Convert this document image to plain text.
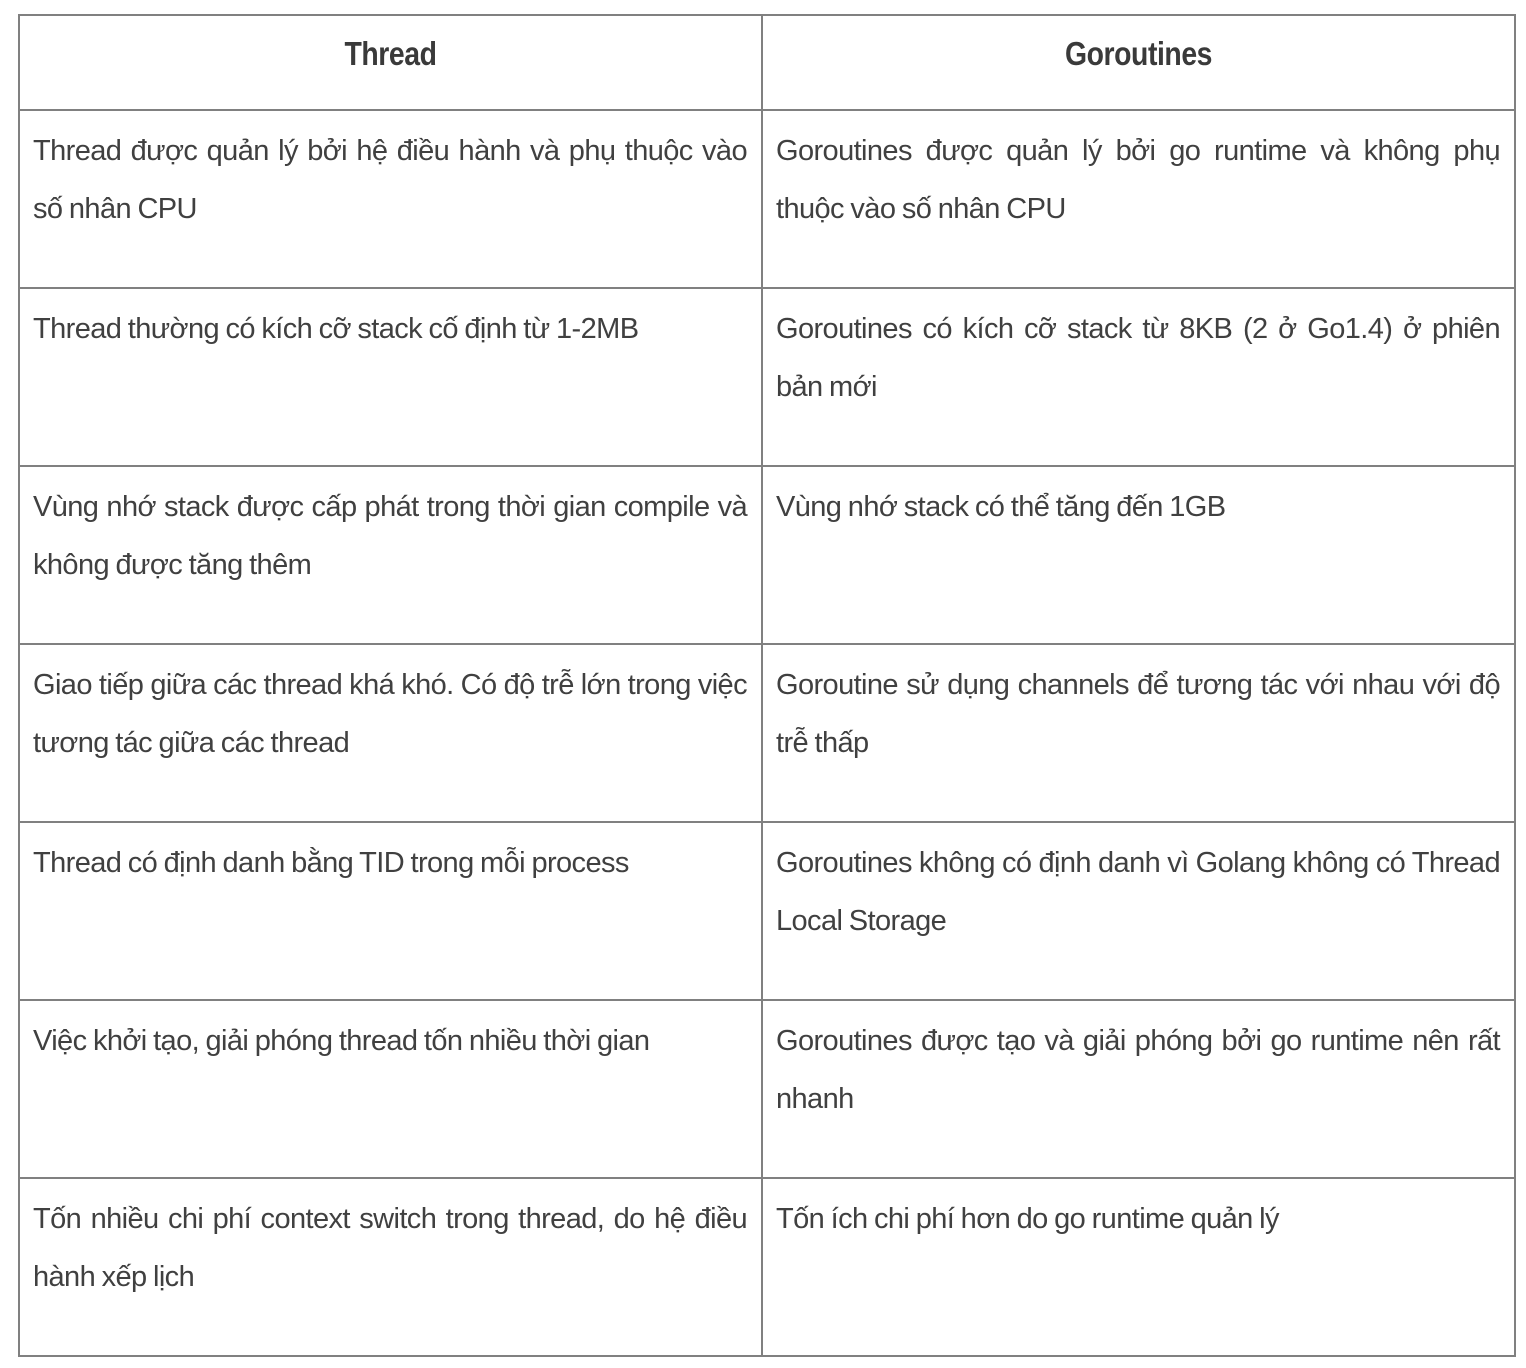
Thread	Goroutines

Thread được quản lý bởi hệ điều hành và phụ thuộc vào số nhân CPU	Goroutines được quản lý bởi go runtime và không phụ thuộc vào số nhân CPU

Thread thường có kích cỡ stack cố định từ 1-2MB	Goroutines có kích cỡ stack từ 8KB (2 ở Go1.4) ở phiên bản mới

Vùng nhớ stack được cấp phát trong thời gian compile và không được tăng thêm	Vùng nhớ stack có thể tăng đến 1GB

Giao tiếp giữa các thread khá khó. Có độ trễ lớn trong việc tương tác giữa các thread	Goroutine sử dụng channels để tương tác với nhau với độ trễ thấp

Thread có định danh bằng TID trong mỗi process	Goroutines không có định danh vì Golang không có Thread Local Storage

Việc khởi tạo, giải phóng thread tốn nhiều thời gian	Goroutines được tạo và giải phóng bởi go runtime nên rất nhanh

Tốn nhiều chi phí context switch trong thread, do hệ điều hành xếp lịch	Tốn ích chi phí hơn do go runtime quản lý
